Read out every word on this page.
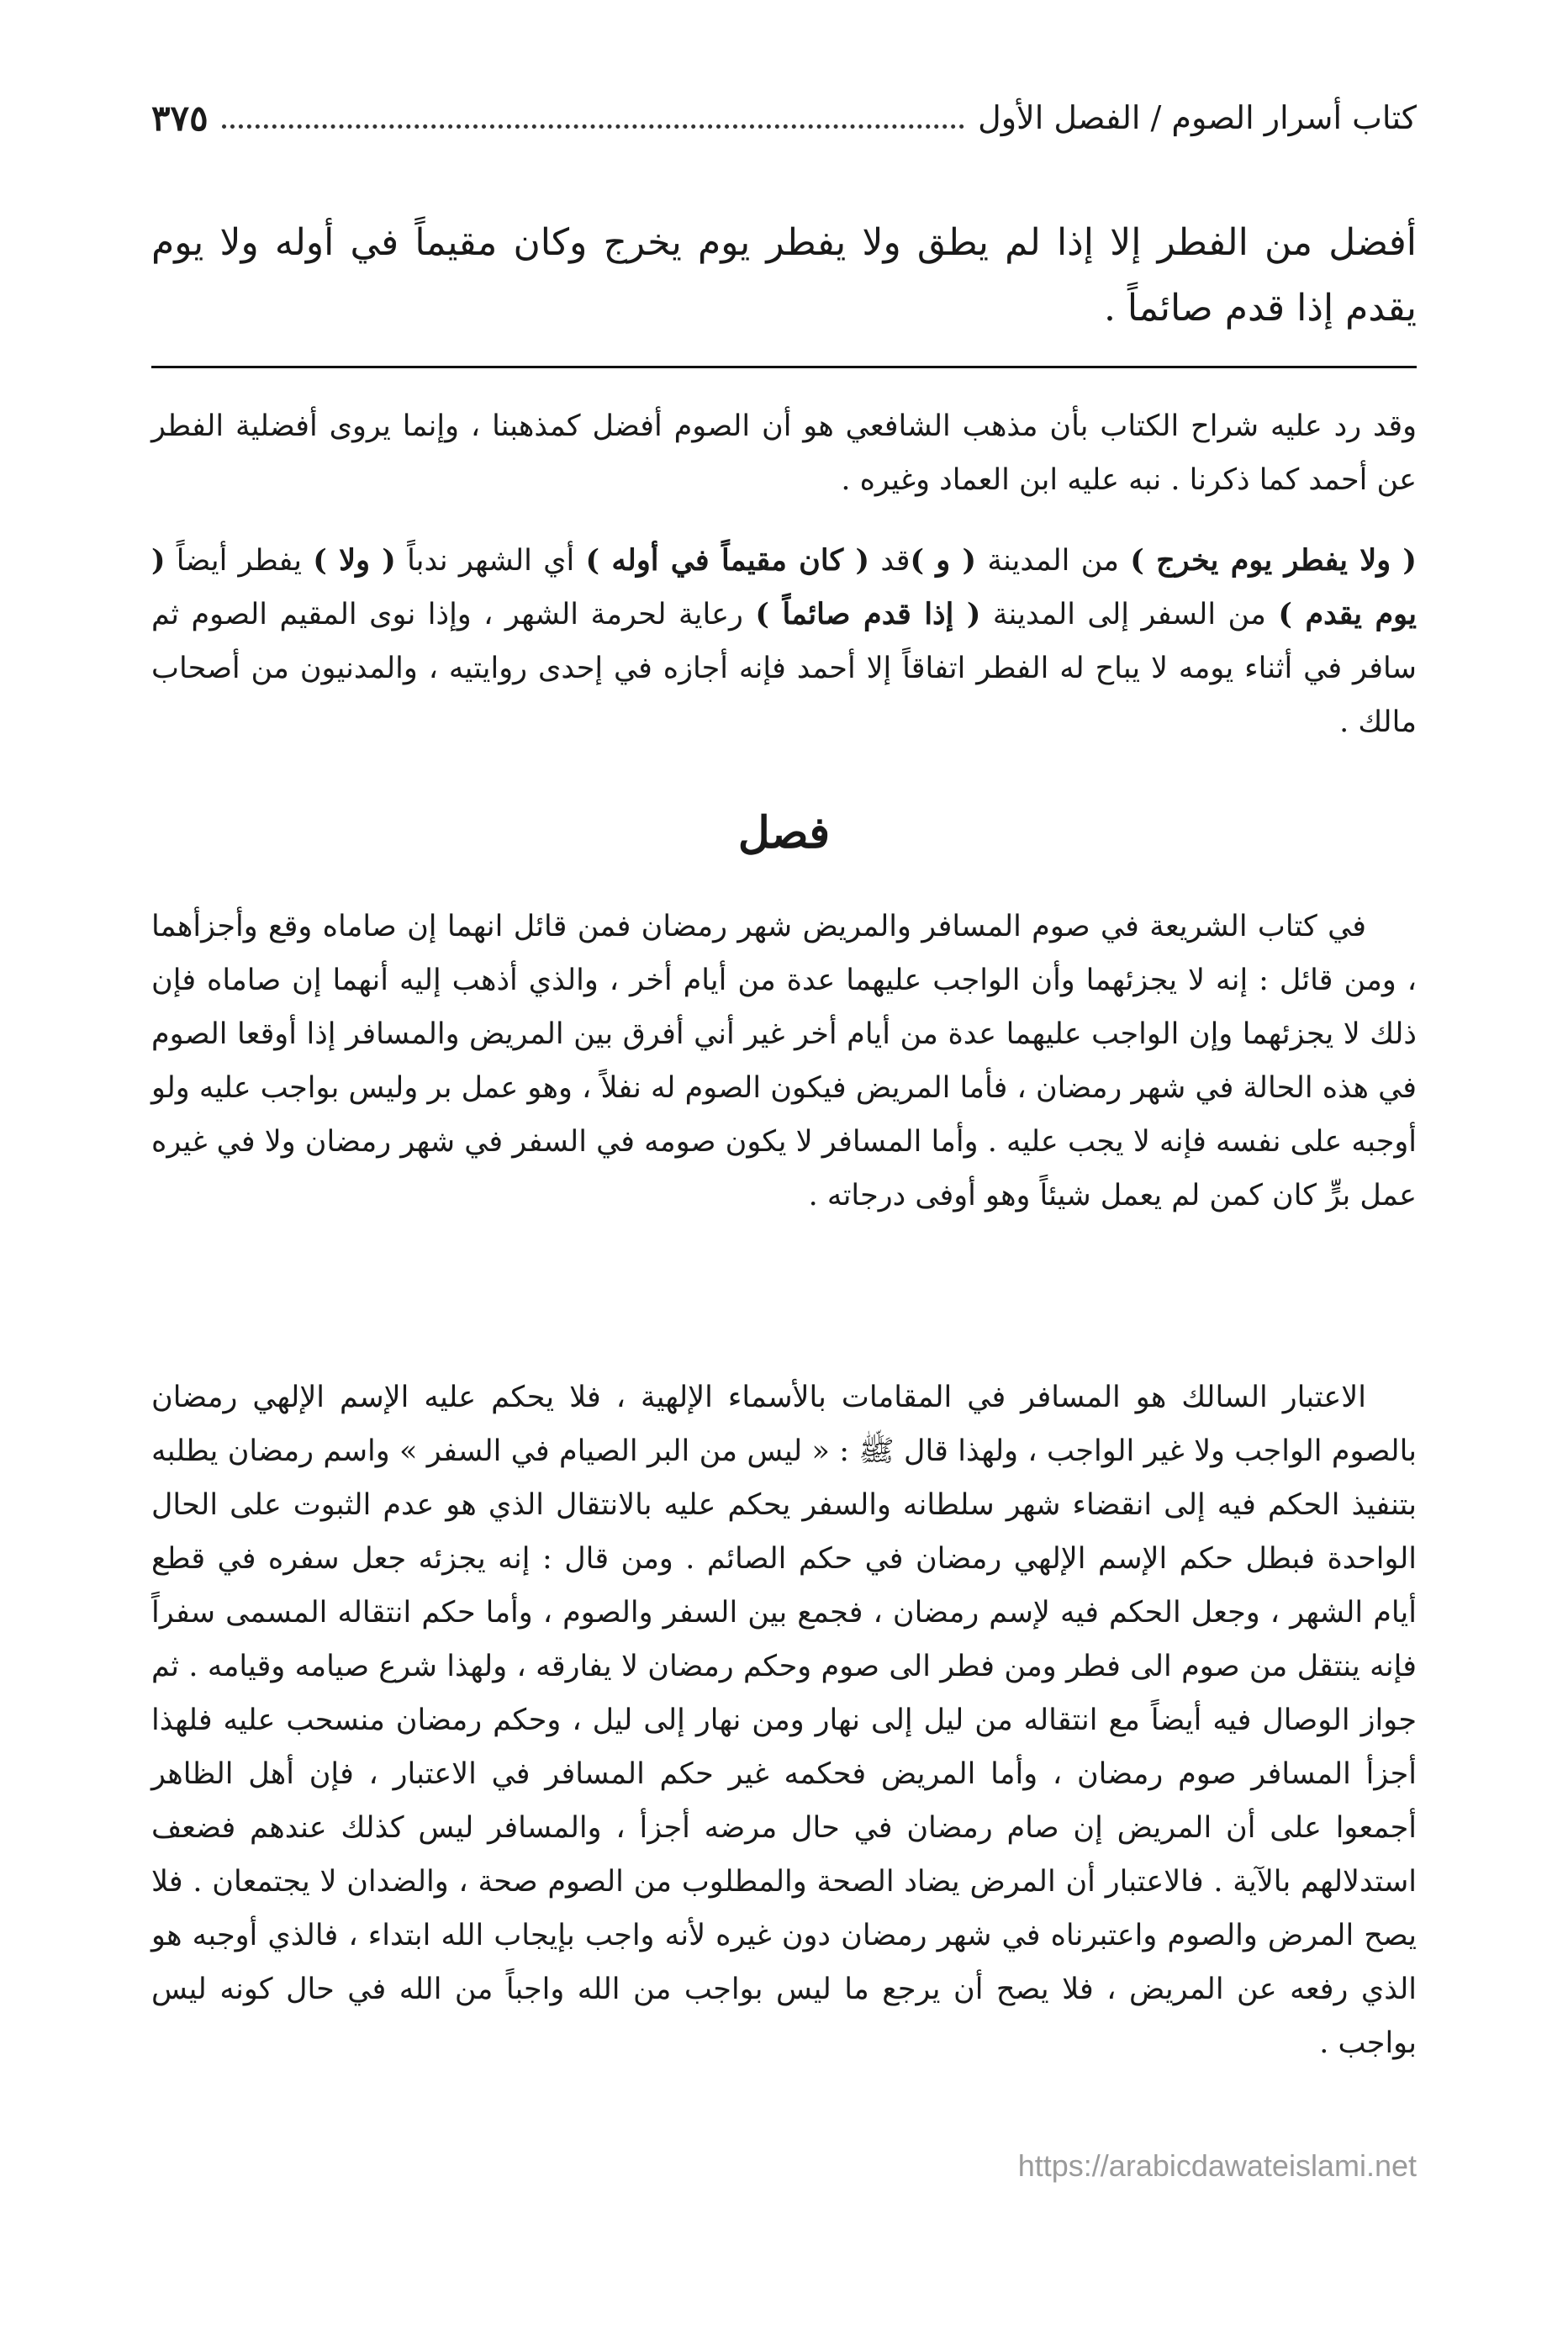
كتاب أسرار الصوم / الفصل الأول
٣٧٥
أفضل من الفطر إلا إذا لم يطق ولا يفطر يوم يخرج وكان مقيماً في أوله ولا يوم يقدم إذا قدم صائماً .

وقد رد عليه شراح الكتاب بأن مذهب الشافعي هو أن الصوم أفضل كمذهبنا ، وإنما يروى أفضلية الفطر عن أحمد كما ذكرنا . نبه عليه ابن العماد وغيره .

( ولا يفطر يوم يخرج ) من المدينة ( و )قد ( كان مقيماً في أوله ) أي الشهر ندباً ( ولا ) يفطر أيضاً ( يوم يقدم ) من السفر إلى المدينة ( إذا قدم صائماً ) رعاية لحرمة الشهر ، وإذا نوى المقيم الصوم ثم سافر في أثناء يومه لا يباح له الفطر اتفاقاً إلا أحمد فإنه أجازه في إحدى روايتيه ، والمدنيون من أصحاب مالك .

فصل

في كتاب الشريعة في صوم المسافر والمريض شهر رمضان فمن قائل انهما إن صاماه وقع وأجزأهما ، ومن قائل : إنه لا يجزئهما وأن الواجب عليهما عدة من أيام أخر ، والذي أذهب إليه أنهما إن صاماه فإن ذلك لا يجزئهما وإن الواجب عليهما عدة من أيام أخر غير أني أفرق بين المريض والمسافر إذا أوقعا الصوم في هذه الحالة في شهر رمضان ، فأما المريض فيكون الصوم له نفلاً ، وهو عمل بر وليس بواجب عليه ولو أوجبه على نفسه فإنه لا يجب عليه . وأما المسافر لا يكون صومه في السفر في شهر رمضان ولا في غيره عمل برٍّ كان كمن لم يعمل شيئاً وهو أوفى درجاته .

الاعتبار السالك هو المسافر في المقامات بالأسماء الإلهية ، فلا يحكم عليه الإسم الإلهي رمضان بالصوم الواجب ولا غير الواجب ، ولهذا قال ﷺ : « ليس من البر الصيام في السفر » واسم رمضان يطلبه بتنفيذ الحكم فيه إلى انقضاء شهر سلطانه والسفر يحكم عليه بالانتقال الذي هو عدم الثبوت على الحال الواحدة فبطل حكم الإسم الإلهي رمضان في حكم الصائم . ومن قال : إنه يجزئه جعل سفره في قطع أيام الشهر ، وجعل الحكم فيه لإسم رمضان ، فجمع بين السفر والصوم ، وأما حكم انتقاله المسمى سفراً فإنه ينتقل من صوم الى فطر ومن فطر الى صوم وحكم رمضان لا يفارقه ، ولهذا شرع صيامه وقيامه . ثم جواز الوصال فيه أيضاً مع انتقاله من ليل إلى نهار ومن نهار إلى ليل ، وحكم رمضان منسحب عليه فلهذا أجزأ المسافر صوم رمضان ، وأما المريض فحكمه غير حكم المسافر في الاعتبار ، فإن أهل الظاهر أجمعوا على أن المريض إن صام رمضان في حال مرضه أجزأ ، والمسافر ليس كذلك عندهم فضعف استدلالهم بالآية . فالاعتبار أن المرض يضاد الصحة والمطلوب من الصوم صحة ، والضدان لا يجتمعان . فلا يصح المرض والصوم واعتبرناه في شهر رمضان دون غيره لأنه واجب بإيجاب الله ابتداء ، فالذي أوجبه هو الذي رفعه عن المريض ، فلا يصح أن يرجع ما ليس بواجب من الله واجباً من الله في حال كونه ليس بواجب .

https://arabicdawateislami.net
